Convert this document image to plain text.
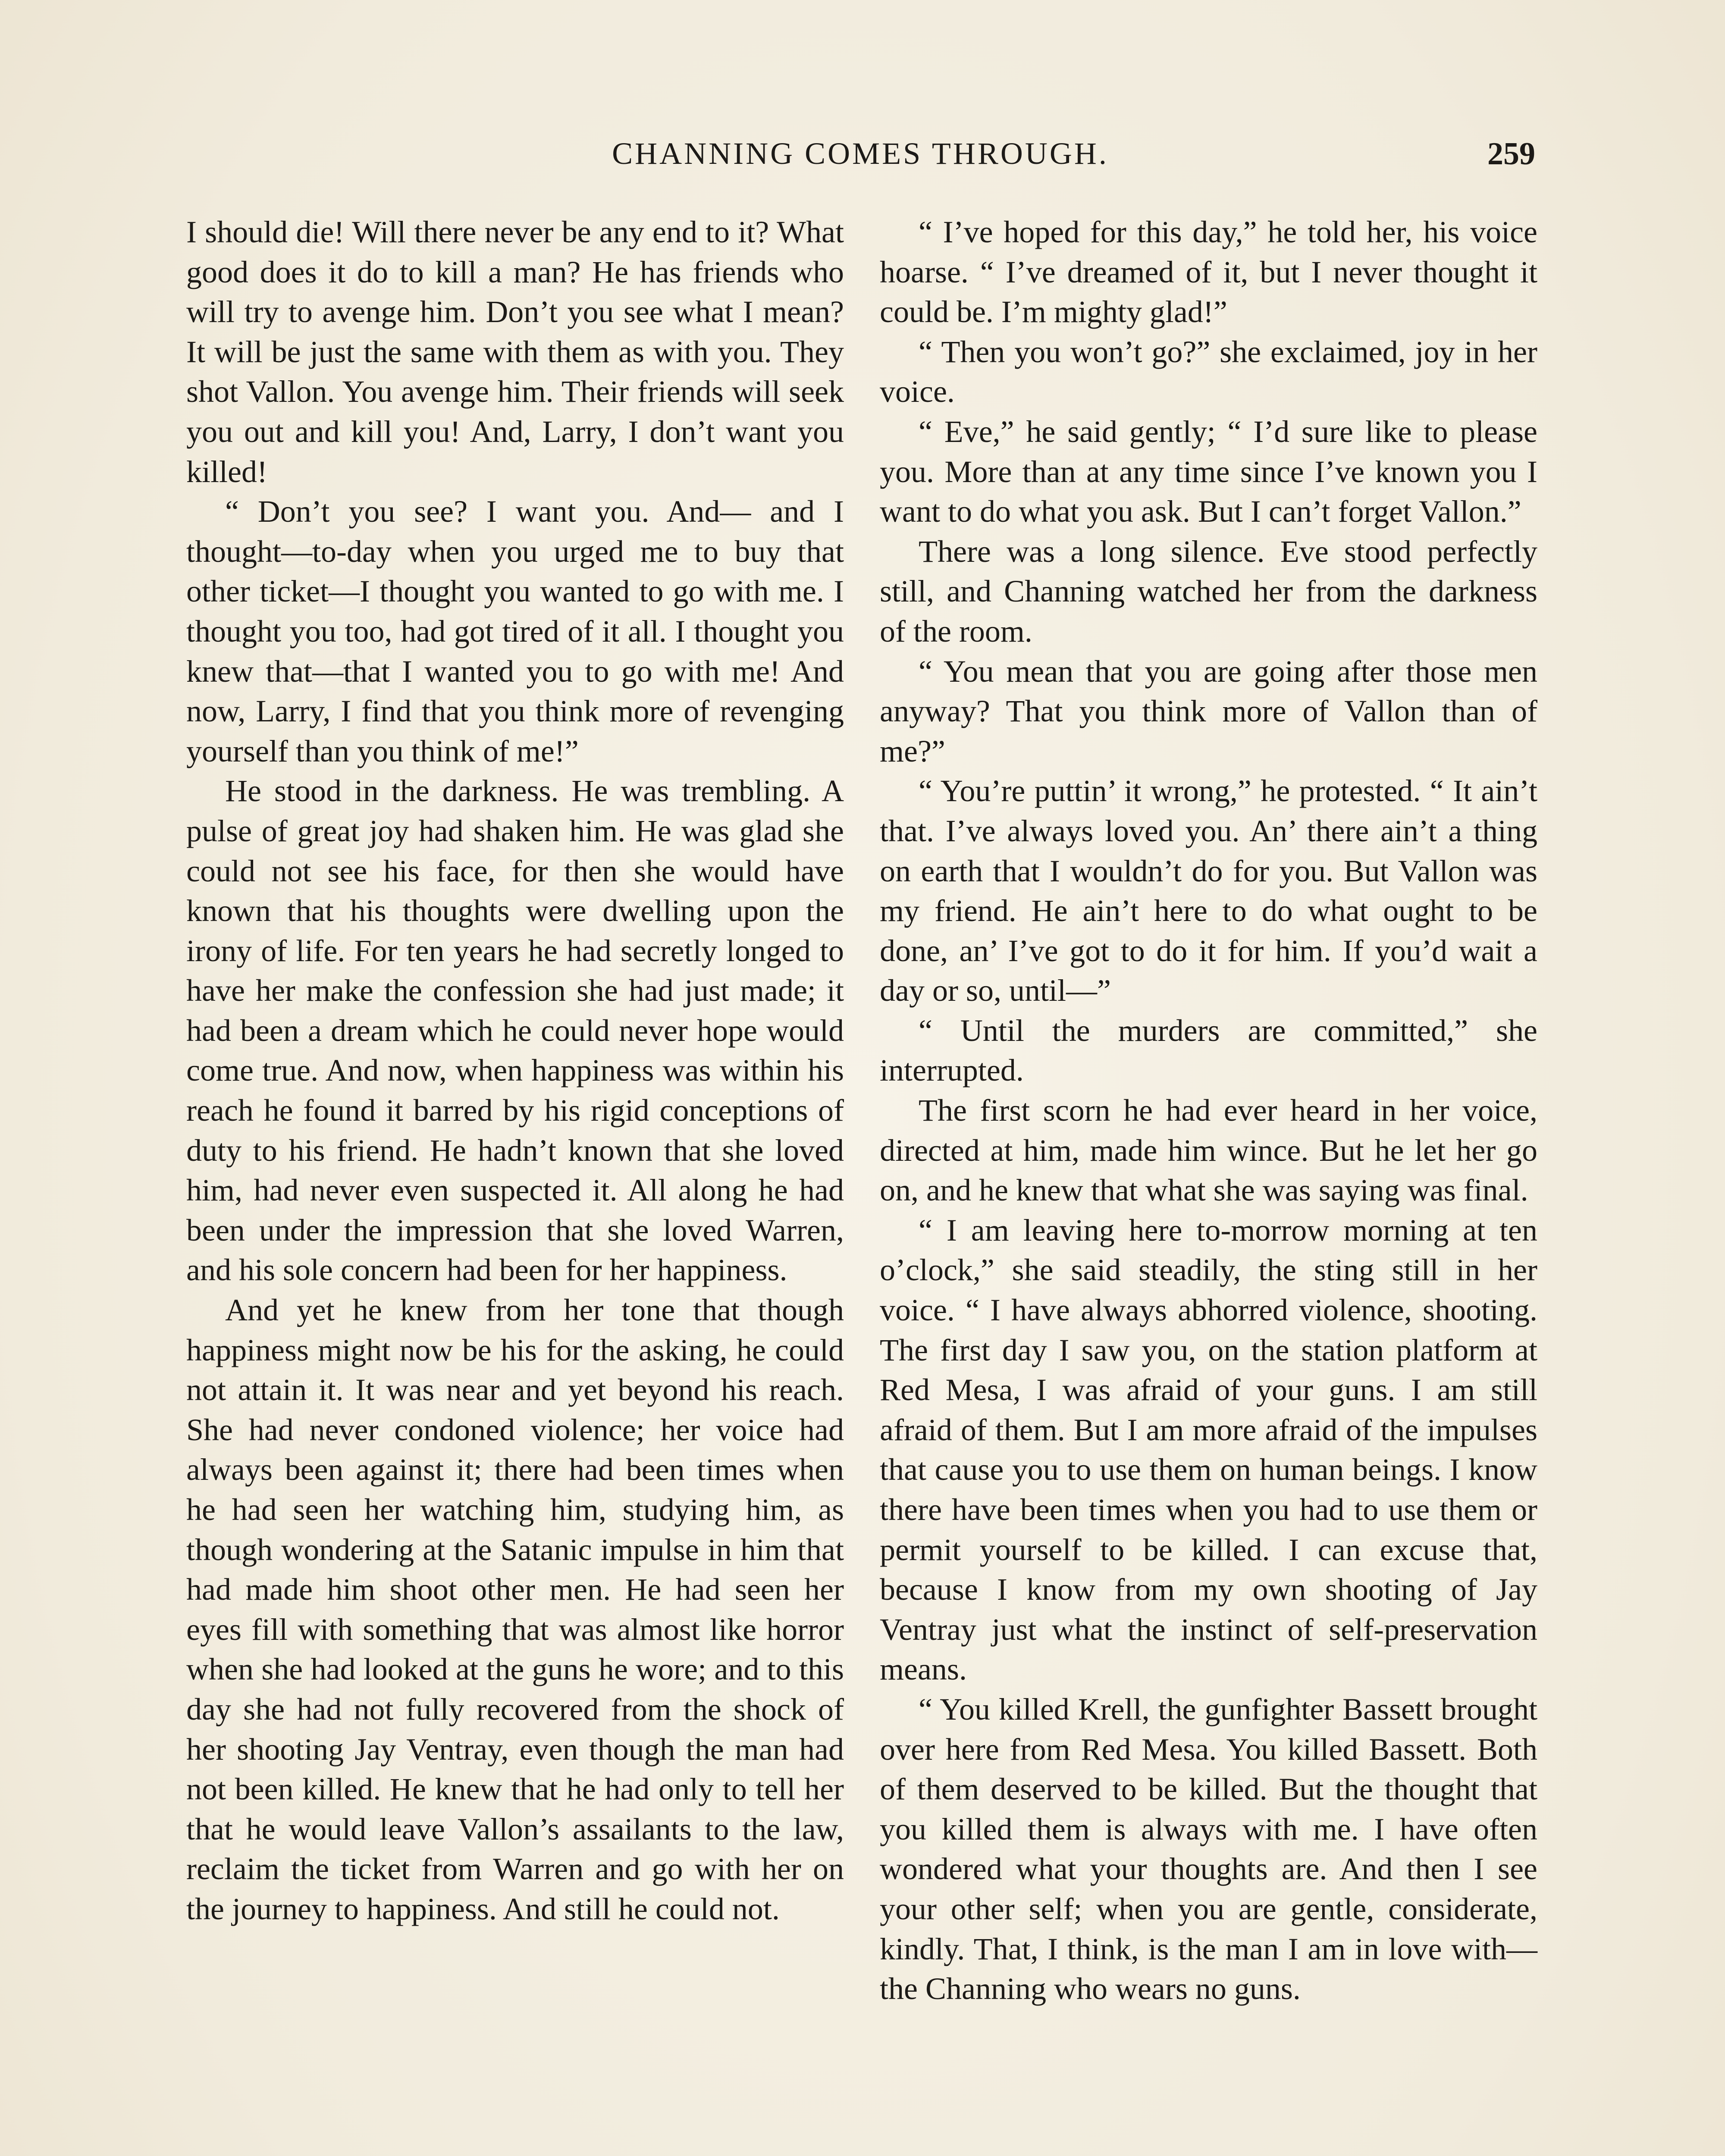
CHANNING COMES THROUGH.	259

I should die! Will there never be any end to it? What good does it do to kill a man? He has friends who will try to avenge him. Don’t you see what I mean? It will be just the same with them as with you. They shot Vallon. You avenge him. Their friends will seek you out and kill you! And, Larry, I don’t want you killed!

“ Don’t you see? I want you. And— and I thought—to-day when you urged me to buy that other ticket—I thought you wanted to go with me. I thought you too, had got tired of it all. I thought you knew that—that I wanted you to go with me! And now, Larry, I find that you think more of revenging yourself than you think of me!”

He stood in the darkness. He was trembling. A pulse of great joy had shaken him. He was glad she could not see his face, for then she would have known that his thoughts were dwelling upon the irony of life. For ten years he had secretly longed to have her make the confession she had just made; it had been a dream which he could never hope would come true. And now, when happiness was within his reach he found it barred by his rigid conceptions of duty to his friend. He hadn’t known that she loved him, had never even suspected it. All along he had been under the impression that she loved Warren, and his sole concern had been for her happiness.

And yet he knew from her tone that though happiness might now be his for the asking, he could not attain it. It was near and yet beyond his reach. She had never condoned violence; her voice had always been against it; there had been times when he had seen her watching him, studying him, as though wondering at the Satanic impulse in him that had made him shoot other men. He had seen her eyes fill with something that was almost like horror when she had looked at the guns he wore; and to this day she had not fully recovered from the shock of her shooting Jay Ventray, even though the man had not been killed. He knew that he had only to tell her that he would leave Vallon’s assailants to the law, reclaim the ticket from Warren and go with her on the journey to happiness. And still he could not.

“ I’ve hoped for this day,” he told her, his voice hoarse. “ I’ve dreamed of it, but I never thought it could be. I’m mighty glad!”

“ Then you won’t go?” she exclaimed, joy in her voice.

“ Eve,” he said gently; “ I’d sure like to please you. More than at any time since I’ve known you I want to do what you ask. But I can’t forget Vallon.”

There was a long silence. Eve stood perfectly still, and Channing watched her from the darkness of the room.

“ You mean that you are going after those men anyway? That you think more of Vallon than of me?”

“ You’re puttin’ it wrong,” he protested. “ It ain’t that. I’ve always loved you. An’ there ain’t a thing on earth that I wouldn’t do for you. But Vallon was my friend. He ain’t here to do what ought to be done, an’ I’ve got to do it for him. If you’d wait a day or so, until—”

“ Until the murders are committed,” she interrupted.

The first scorn he had ever heard in her voice, directed at him, made him wince. But he let her go on, and he knew that what she was saying was final.

“ I am leaving here to-morrow morning at ten o’clock,” she said steadily, the sting still in her voice. “ I have always abhorred violence, shooting. The first day I saw you, on the station platform at Red Mesa, I was afraid of your guns. I am still afraid of them. But I am more afraid of the impulses that cause you to use them on human beings. I know there have been times when you had to use them or permit yourself to be killed. I can excuse that, because I know from my own shooting of Jay Ventray just what the instinct of self-preservation means.

“ You killed Krell, the gunfighter Bassett brought over here from Red Mesa. You killed Bassett. Both of them deserved to be killed. But the thought that you killed them is always with me. I have often wondered what your thoughts are. And then I see your other self; when you are gentle, considerate, kindly. That, I think, is the man I am in love with—the Channing who wears no guns.
